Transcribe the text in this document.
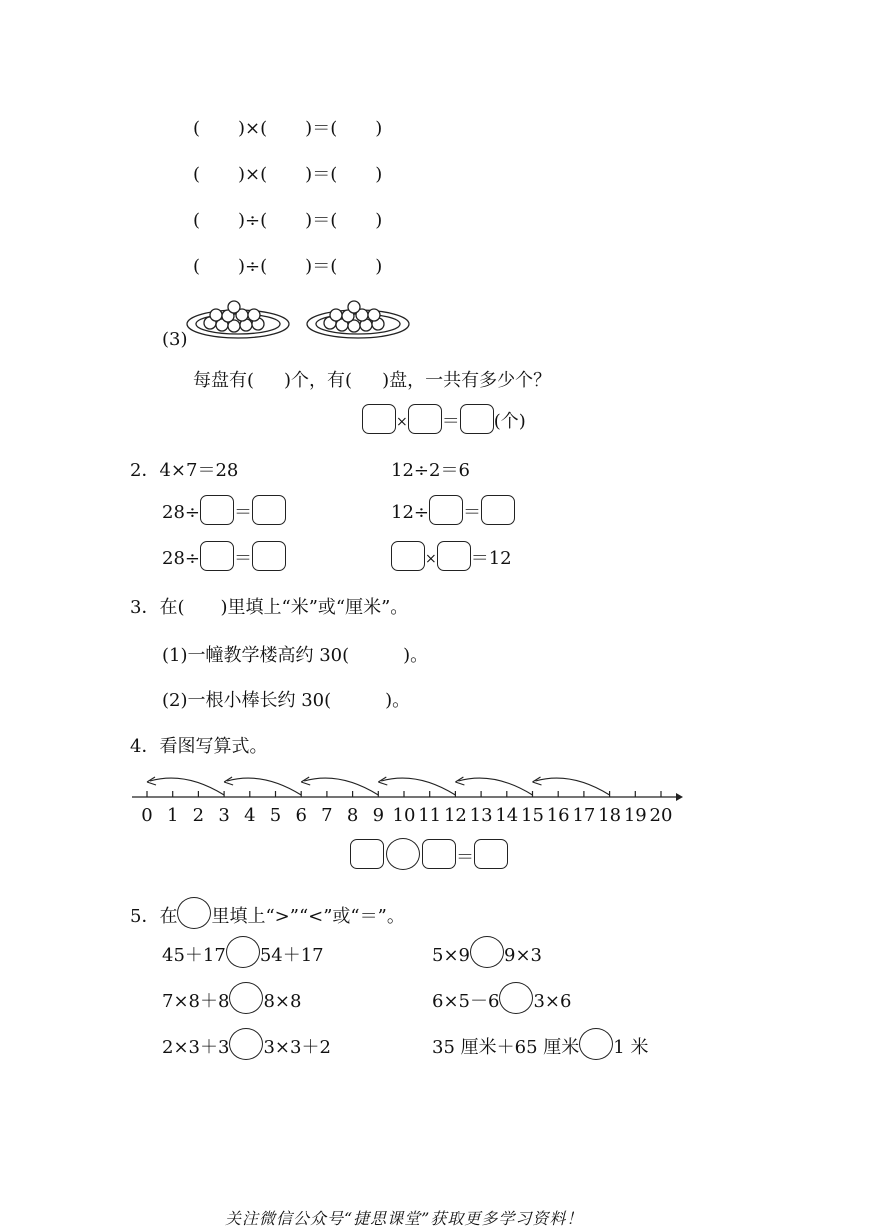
( )×( )＝( )
( )×( )＝( )
( )÷( )＝( )
( )÷( )＝( )
(3)
每盘有( )个，有( )盘，一共有多少个？
× ＝ (个)
2．4×7＝28	12÷2＝6
28÷ ＝	12÷ ＝
28÷ ＝	× ＝12
3．在(　　)里填上“米”或“厘米”。
(1)一幢教学楼高约 30(　　　)。
(2)一根小棒长约 30(　　　)。
4．看图写算式。
0 1 2 3 4 5 6 7 8 9 10 11 12 13 14 15 16 17 18 19 20
＝
5．在 里填上“>”“<”或“＝”。
45＋17 54＋17	5×9 9×3
7×8＋8 8×8	6×5－6 3×6
2×3＋3 3×3＋2	35 厘米＋65 厘米 1 米
关注微信公众号“捷思课堂”获取更多学习资料！
